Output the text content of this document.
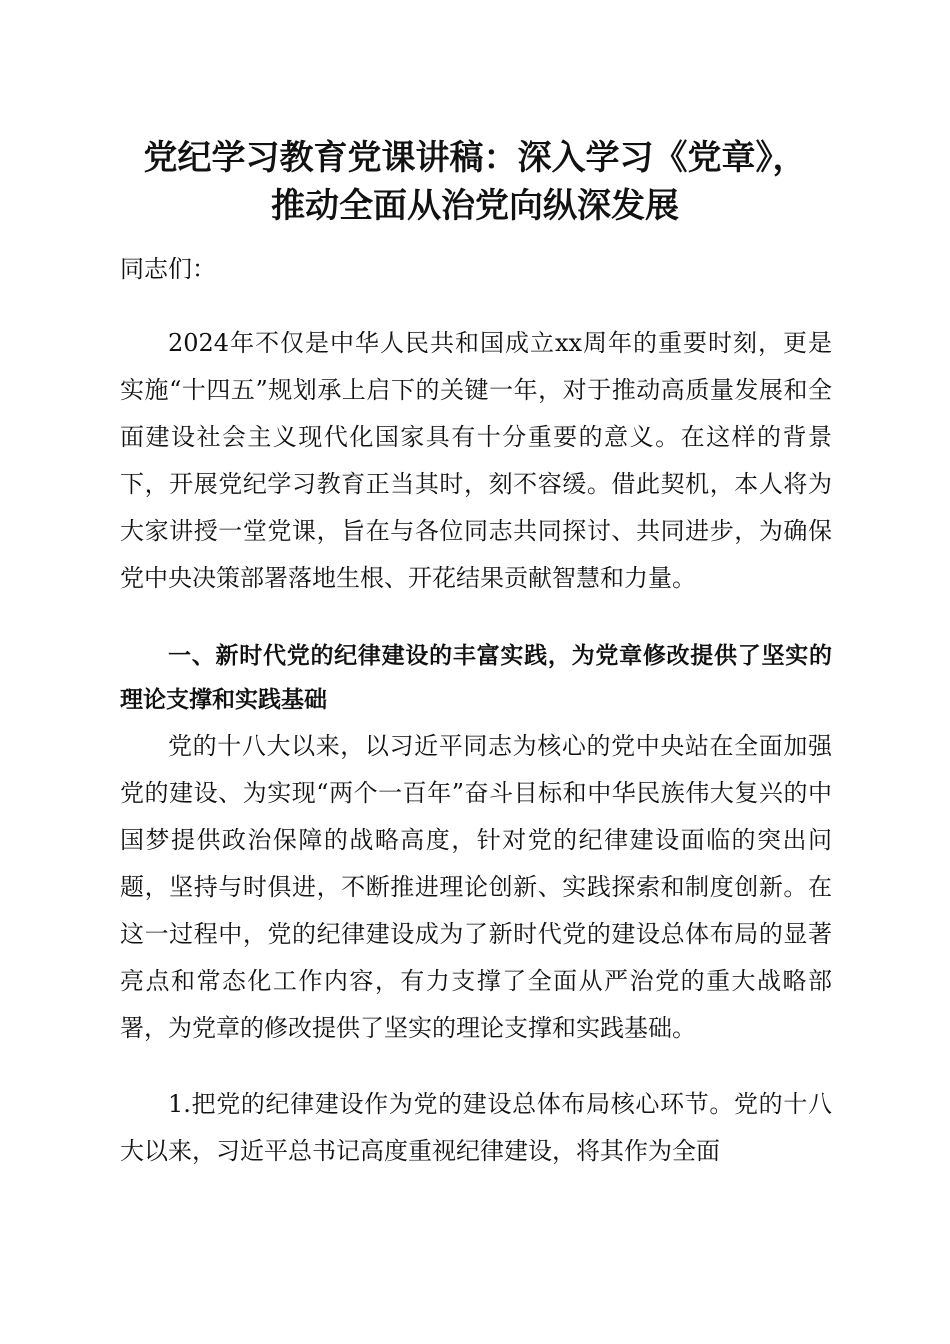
党纪学习教育党课讲稿：深入学习《党章》，
推动全面从治党向纵深发展

同志们：

2024年不仅是中华人民共和国成立xx周年的重要时刻，更是实施“十四五”规划承上启下的关键一年，对于推动高质量发展和全面建设社会主义现代化国家具有十分重要的意义。在这样的背景下，开展党纪学习教育正当其时，刻不容缓。借此契机，本人将为大家讲授一堂党课，旨在与各位同志共同探讨、共同进步，为确保党中央决策部署落地生根、开花结果贡献智慧和力量。

一、新时代党的纪律建设的丰富实践，为党章修改提供了坚实的理论支撑和实践基础

党的十八大以来，以习近平同志为核心的党中央站在全面加强党的建设、为实现“两个一百年”奋斗目标和中华民族伟大复兴的中国梦提供政治保障的战略高度，针对党的纪律建设面临的突出问题，坚持与时俱进，不断推进理论创新、实践探索和制度创新。在这一过程中，党的纪律建设成为了新时代党的建设总体布局的显著亮点和常态化工作内容，有力支撑了全面从严治党的重大战略部署，为党章的修改提供了坚实的理论支撑和实践基础。

1.把党的纪律建设作为党的建设总体布局核心环节。党的十八大以来，习近平总书记高度重视纪律建设，将其作为全面
